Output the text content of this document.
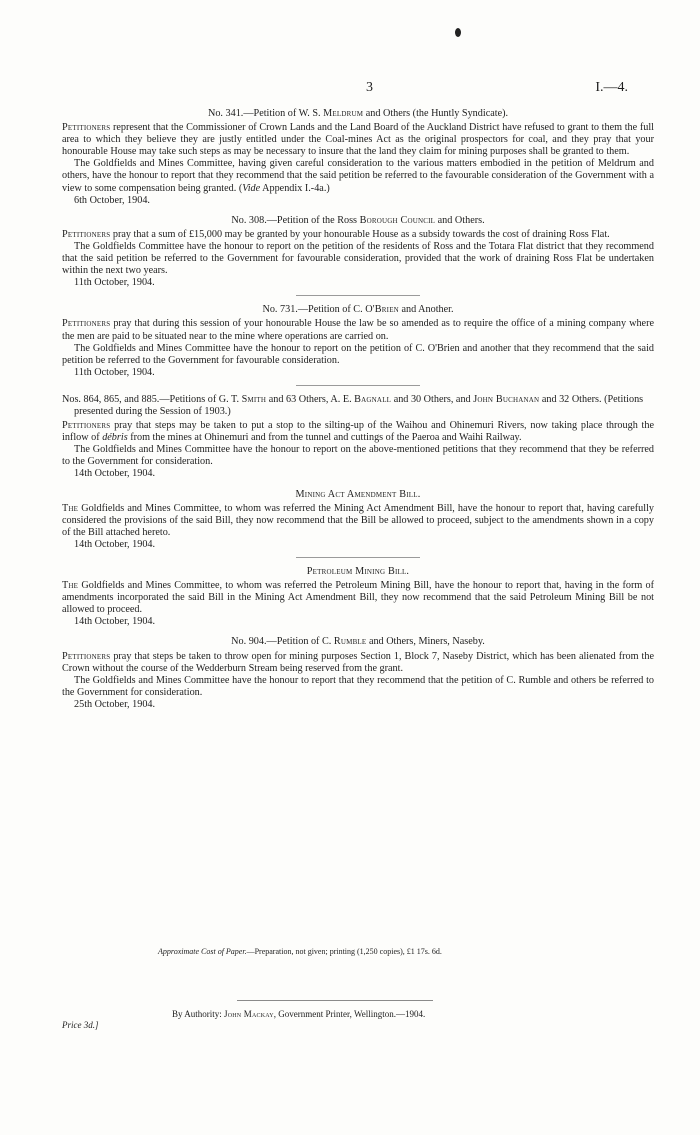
3	I.—4.
No. 341.—Petition of W. S. Meldrum and Others (the Huntly Syndicate).

Petitioners represent that the Commissioner of Crown Lands and the Land Board of the Auckland District have refused to grant to them the full area to which they believe they are justly entitled under the Coal-mines Act as the original prospectors for coal, and they pray that your honourable House may take such steps as may be necessary to insure that the land they claim for mining purposes shall be granted to them.

The Goldfields and Mines Committee, having given careful consideration to the various matters embodied in the petition of Meldrum and others, have the honour to report that they recommend that the said petition be referred to the favourable consideration of the Government with a view to some compensation being granted. (Vide Appendix I.-4a.)

6th October, 1904.
No. 308.—Petition of the Ross Borough Council and Others.

Petitioners pray that a sum of £15,000 may be granted by your honourable House as a subsidy towards the cost of draining Ross Flat.

The Goldfields Committee have the honour to report on the petition of the residents of Ross and the Totara Flat district that they recommend that the said petition be referred to the Government for favourable consideration, provided that the work of draining Ross Flat be undertaken within the next two years.

11th October, 1904.
No. 731.—Petition of C. O'Brien and Another.

Petitioners pray that during this session of your honourable House the law be so amended as to require the office of a mining company where the men are paid to be situated near to the mine where operations are carried on.

The Goldfields and Mines Committee have the honour to report on the petition of C. O'Brien and another that they recommend that the said petition be referred to the Government for favourable consideration.

11th October, 1904.
Nos. 864, 865, and 885.—Petitions of G. T. Smith and 63 Others, A. E. Bagnall and 30 Others, and John Buchanan and 32 Others. (Petitions presented during the Session of 1903.)

Petitioners pray that steps may be taken to put a stop to the silting-up of the Waihou and Ohinemuri Rivers, now taking place through the inflow of débris from the mines at Ohinemuri and from the tunnel and cuttings of the Paeroa and Waihi Railway.

The Goldfields and Mines Committee have the honour to report on the above-mentioned petitions that they recommend that they be referred to the Government for consideration.

14th October, 1904.
Mining Act Amendment Bill.

The Goldfields and Mines Committee, to whom was referred the Mining Act Amendment Bill, have the honour to report that, having carefully considered the provisions of the said Bill, they now recommend that the Bill be allowed to proceed, subject to the amendments shown in a copy of the Bill attached hereto.

14th October, 1904.
Petroleum Mining Bill.

The Goldfields and Mines Committee, to whom was referred the Petroleum Mining Bill, have the honour to report that, having in the form of amendments incorporated the said Bill in the Mining Act Amendment Bill, they now recommend that the said Petroleum Mining Bill be not allowed to proceed.

14th October, 1904.
No. 904.—Petition of C. Rumble and Others, Miners, Naseby.

Petitioners pray that steps be taken to throw open for mining purposes Section 1, Block 7, Naseby District, which has been alienated from the Crown without the course of the Wedderburn Stream being reserved from the grant.

The Goldfields and Mines Committee have the honour to report that they recommend that the petition of C. Rumble and others be referred to the Government for consideration.

25th October, 1904.
Approximate Cost of Paper.—Preparation, not given; printing (1,250 copies), £1 17s. 6d.
By Authority: John Mackay, Government Printer, Wellington.—1904.
Price 3d.]
